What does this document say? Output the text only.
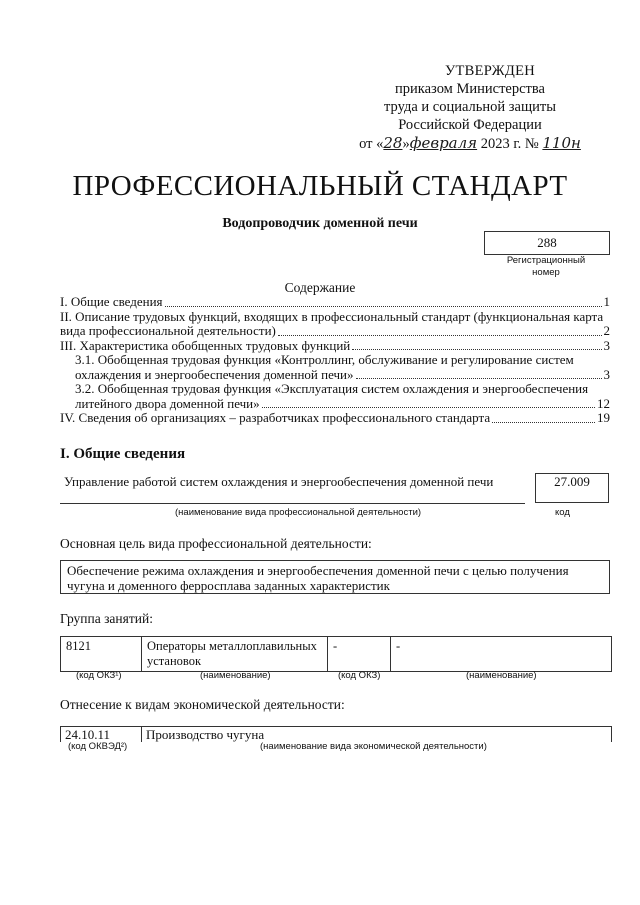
УТВЕРЖДЕН
приказом Министерства
труда и социальной защиты
Российской Федерации
от «28»февраля 2023 г. № 110н
ПРОФЕССИОНАЛЬНЫЙ СТАНДАРТ
Водопроводчик доменной печи
288
Регистрационный
номер
Содержание
I. Общие сведения	1
II. Описание трудовых функций, входящих в профессиональный стандарт (функциональная карта
вида профессиональной деятельности)	2
III. Характеристика обобщенных трудовых функций	3
3.1. Обобщенная трудовая функция «Контроллинг, обслуживание и регулирование систем
охлаждения и энергообеспечения доменной печи»	3
3.2. Обобщенная трудовая функция «Эксплуатация систем охлаждения и энергообеспечения
литейного двора доменной печи»	12
IV. Сведения об организациях – разработчиках профессионального стандарта	19
I. Общие сведения
Управление работой систем охлаждения и энергообеспечения доменной печи	27.009
(наименование вида профессиональной деятельности)	код
Основная цель вида профессиональной деятельности:
Обеспечение режима охлаждения и энергообеспечения доменной печи с целью получения чугуна и доменного ферросплава заданных характеристик
Группа занятий:
8121	Операторы металлоплавильных установок	-	-
(код ОКЗ¹)	(наименование)	(код ОКЗ)	(наименование)
Отнесение к видам экономической деятельности:
24.10.11	Производство чугуна
(код ОКВЭД²)	(наименование вида экономической деятельности)
